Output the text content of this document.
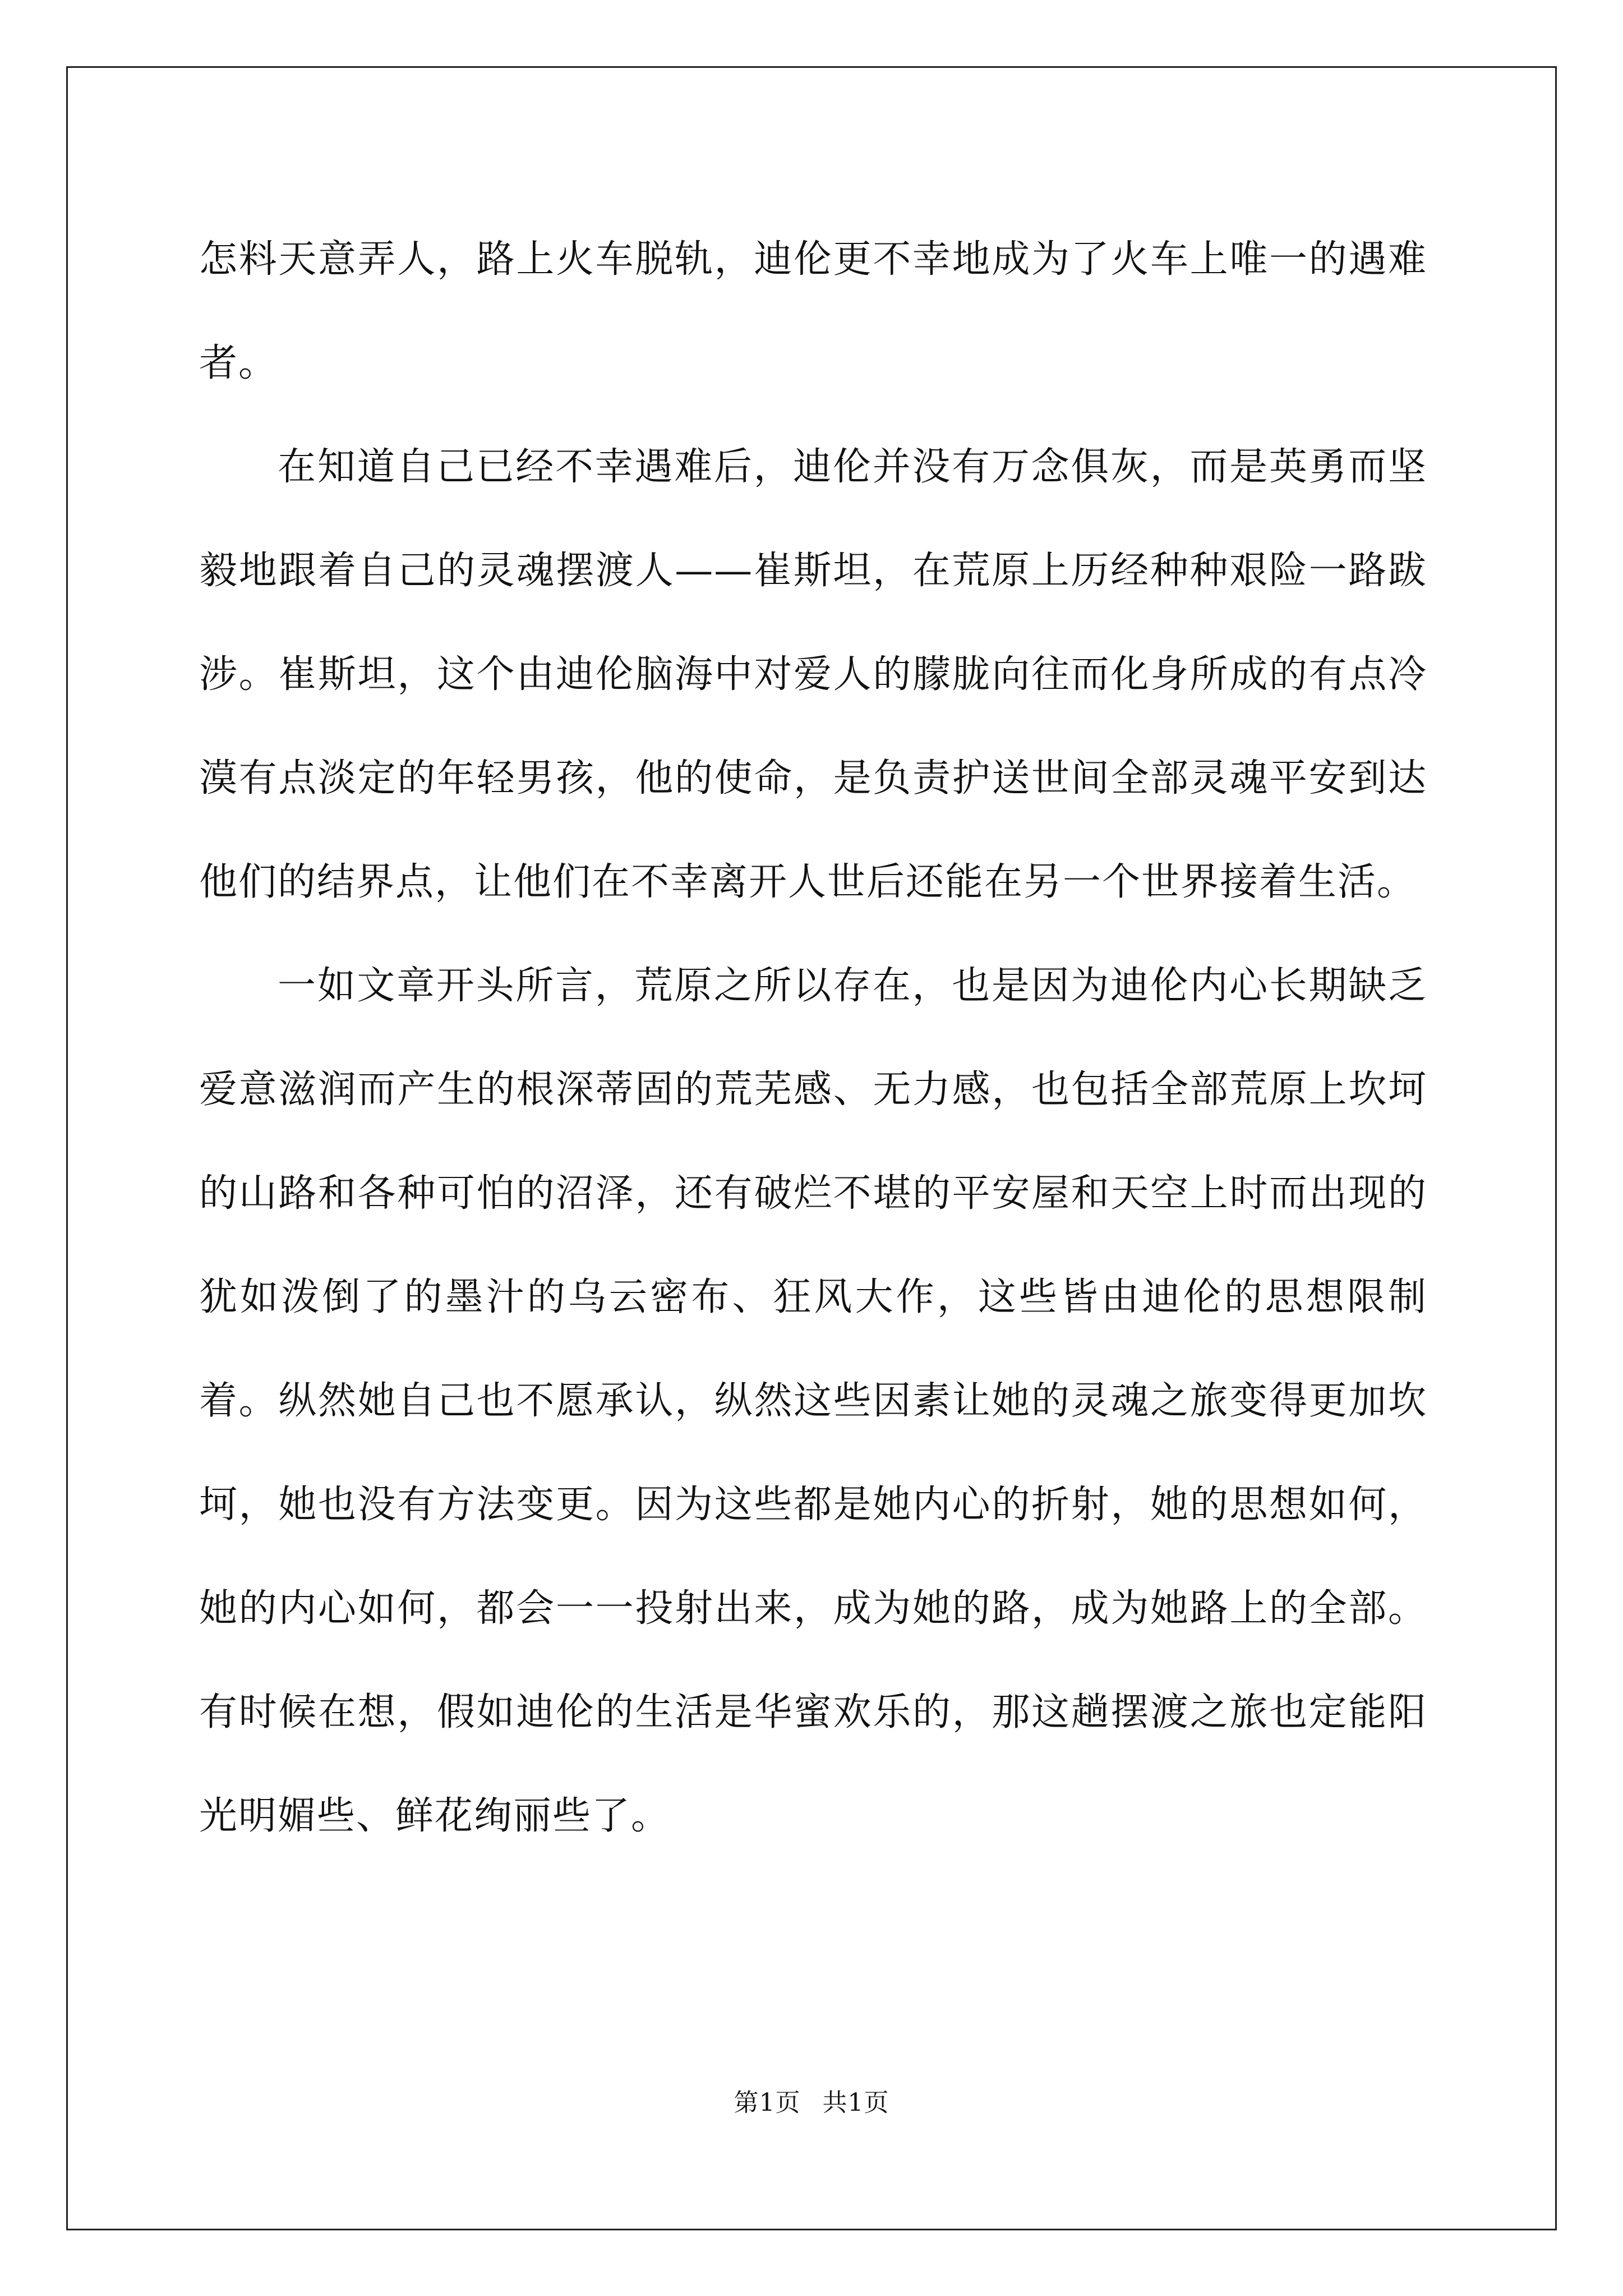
怎料天意弄人，路上火车脱轨，迪伦更不幸地成为了火车上唯一的遇难者。

在知道自己已经不幸遇难后，迪伦并没有万念俱灰，而是英勇而坚毅地跟着自己的灵魂摆渡人——崔斯坦，在荒原上历经种种艰险一路跋涉。崔斯坦，这个由迪伦脑海中对爱人的朦胧向往而化身所成的有点冷漠有点淡定的年轻男孩，他的使命，是负责护送世间全部灵魂平安到达他们的结界点，让他们在不幸离开人世后还能在另一个世界接着生活。

一如文章开头所言，荒原之所以存在，也是因为迪伦内心长期缺乏爱意滋润而产生的根深蒂固的荒芜感、无力感，也包括全部荒原上坎坷的山路和各种可怕的沼泽，还有破烂不堪的平安屋和天空上时而出现的犹如泼倒了的墨汁的乌云密布、狂风大作，这些皆由迪伦的思想限制着。纵然她自己也不愿承认，纵然这些因素让她的灵魂之旅变得更加坎坷，她也没有方法变更。因为这些都是她内心的折射，她的思想如何，她的内心如何，都会一一投射出来，成为她的路，成为她路上的全部。有时候在想，假如迪伦的生活是华蜜欢乐的，那这趟摆渡之旅也定能阳光明媚些、鲜花绚丽些了。

第1页 共1页
